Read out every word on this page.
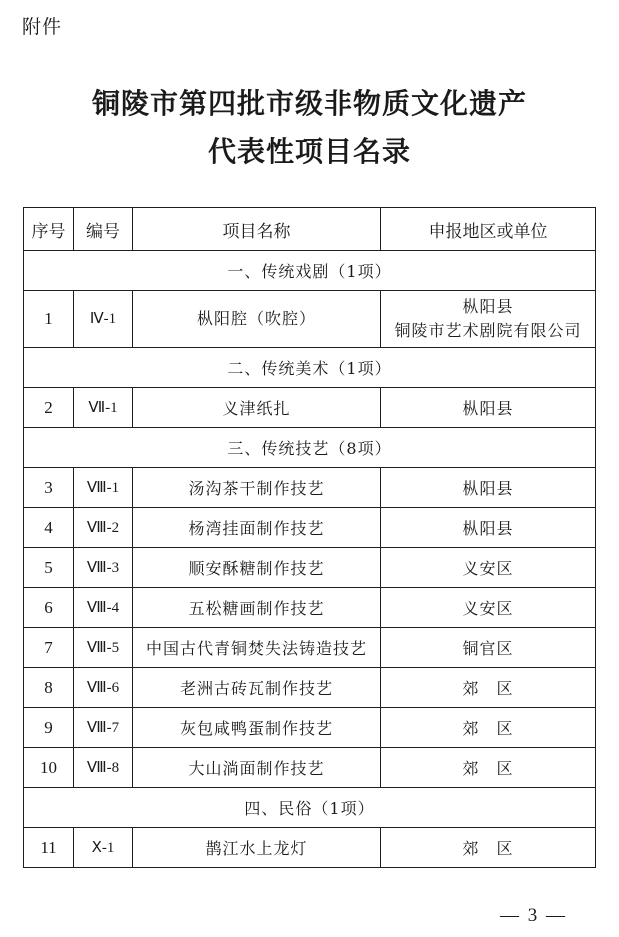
附件
铜陵市第四批市级非物质文化遗产
代表性项目名录
序号	编号	项目名称	申报地区或单位
一、传统戏剧（1项）			
1	Ⅳ-1	枞阳腔（吹腔）	枞阳县
铜陵市艺术剧院有限公司

二、传统美术（1项）			
2	Ⅶ-1	义津纸扎	枞阳县

三、传统技艺（8项）			
3	Ⅷ-1	汤沟茶干制作技艺	枞阳县

4	Ⅷ-2	杨湾挂面制作技艺	枞阳县

5	Ⅷ-3	顺安酥糖制作技艺	义安区

6	Ⅷ-4	五松糖画制作技艺	义安区

7	Ⅷ-5	中国古代青铜焚失法铸造技艺	铜官区

8	Ⅷ-6	老洲古砖瓦制作技艺	郊　区

9	Ⅷ-7	灰包咸鸭蛋制作技艺	郊　区

10	Ⅷ-8	大山淌面制作技艺	郊　区

四、民俗（1项）			
11	Ⅹ-1	鹊江水上龙灯	郊　区
— 3 —
